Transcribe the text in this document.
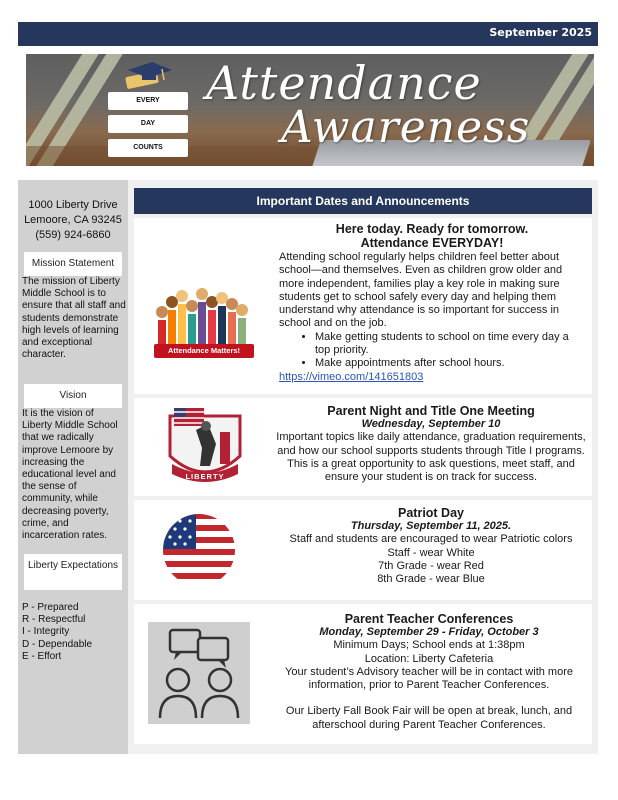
September 2025
EVERY
DAY
COUNTS
Attendance
Awareness
1000 Liberty Drive
Lemoore, CA 93245
(559) 924-6860
Mission Statement
The mission of Liberty Middle School is to ensure that all staff and students demonstrate high levels of learning and exceptional character.
Vision
It is the vision of Liberty Middle School that we radically improve Lemoore by increasing the educational level and the sense of community, while decreasing poverty, crime, and incarceration rates.
Liberty Expectations
P - Prepared
R - Respectful
I - Integrity
D - Dependable
E - Effort
Important Dates and Announcements
Attendance Matters!
Here today. Ready for tomorrow.
Attendance EVERYDAY!
Attending school regularly helps children feel better about school—and themselves. Even as children grow older and more independent, families play a key role in making sure students get to school safely every day and helping them understand why attendance is so important for success in school and on the job.
• Make getting students to school on time every day a top priority.
• Make appointments after school hours.
https://vimeo.com/141651803
LIBERTY
Parent Night and Title One Meeting
Wednesday, September 10
Important topics like daily attendance, graduation requirements, and how our school supports students through Title I programs. This is a great opportunity to ask questions, meet staff, and ensure your student is on track for success.
Patriot Day
Thursday, September 11, 2025.
Staff and students are encouraged to wear Patriotic colors
Staff - wear White
7th Grade - wear Red
8th Grade - wear Blue
Parent Teacher Conferences
Monday, September 29 - Friday, October 3
Minimum Days; School ends at 1:38pm
Location: Liberty Cafeteria
Your student’s Advisory teacher will be in contact with more information, prior to Parent Teacher Conferences.
Our Liberty Fall Book Fair will be open at break, lunch, and afterschool during Parent Teacher Conferences.
